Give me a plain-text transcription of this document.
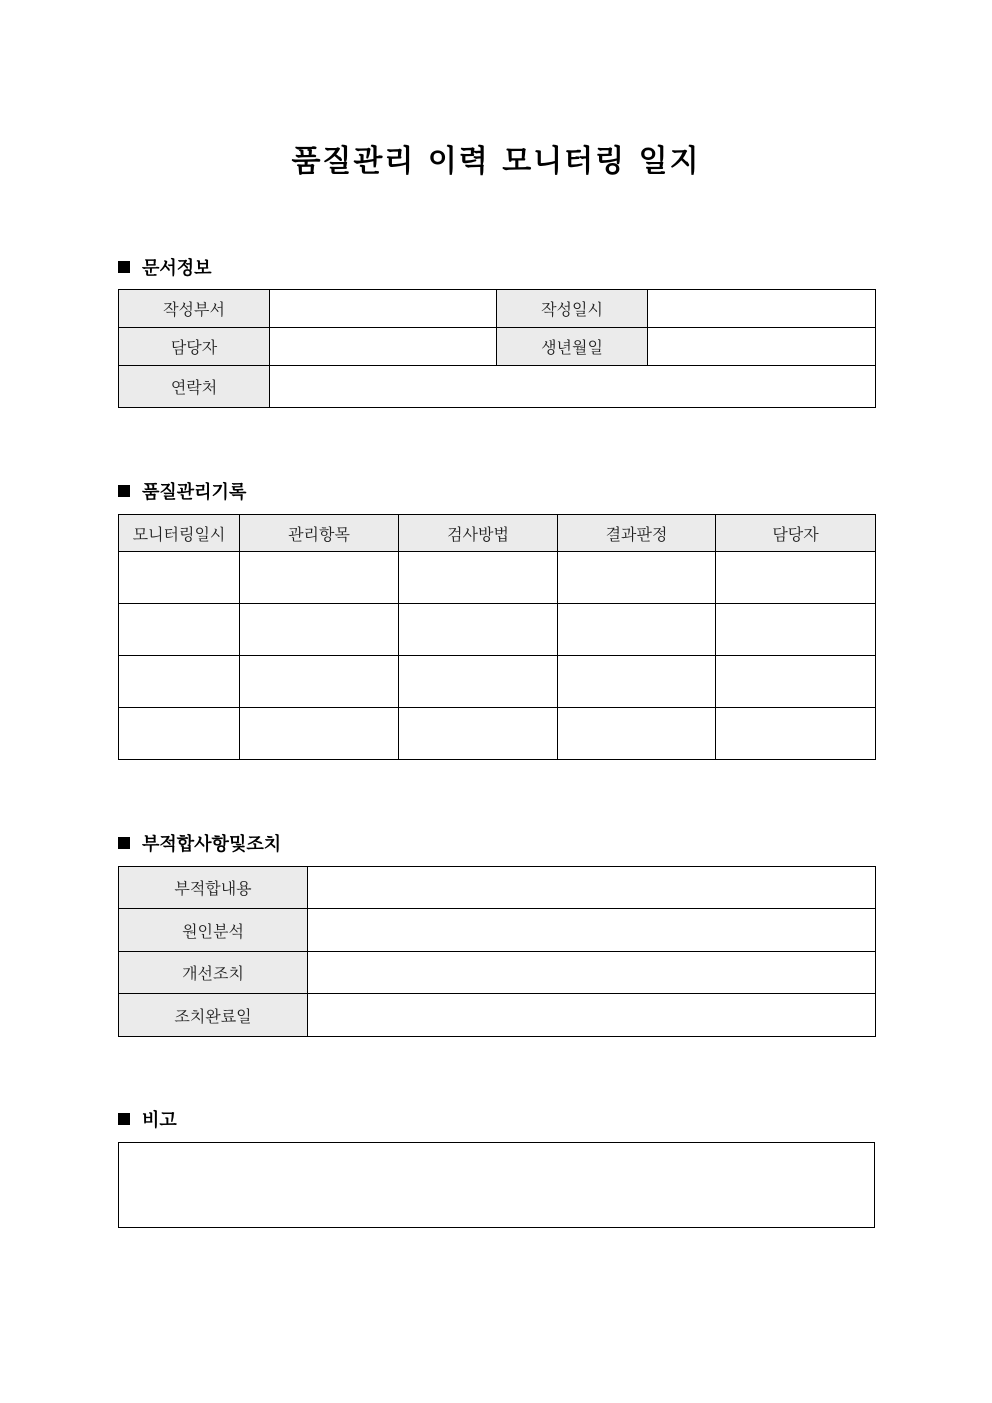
품질관리 이력 모니터링 일지
문서정보
작성부서		작성일시	
담당자		생년월일	
연락처			
품질관리기록
모니터링일시	관리항목	검사방법	결과판정	담당자

부적합사항및조치
부적합내용	
원인분석	
개선조치	
조치완료일	
비고
